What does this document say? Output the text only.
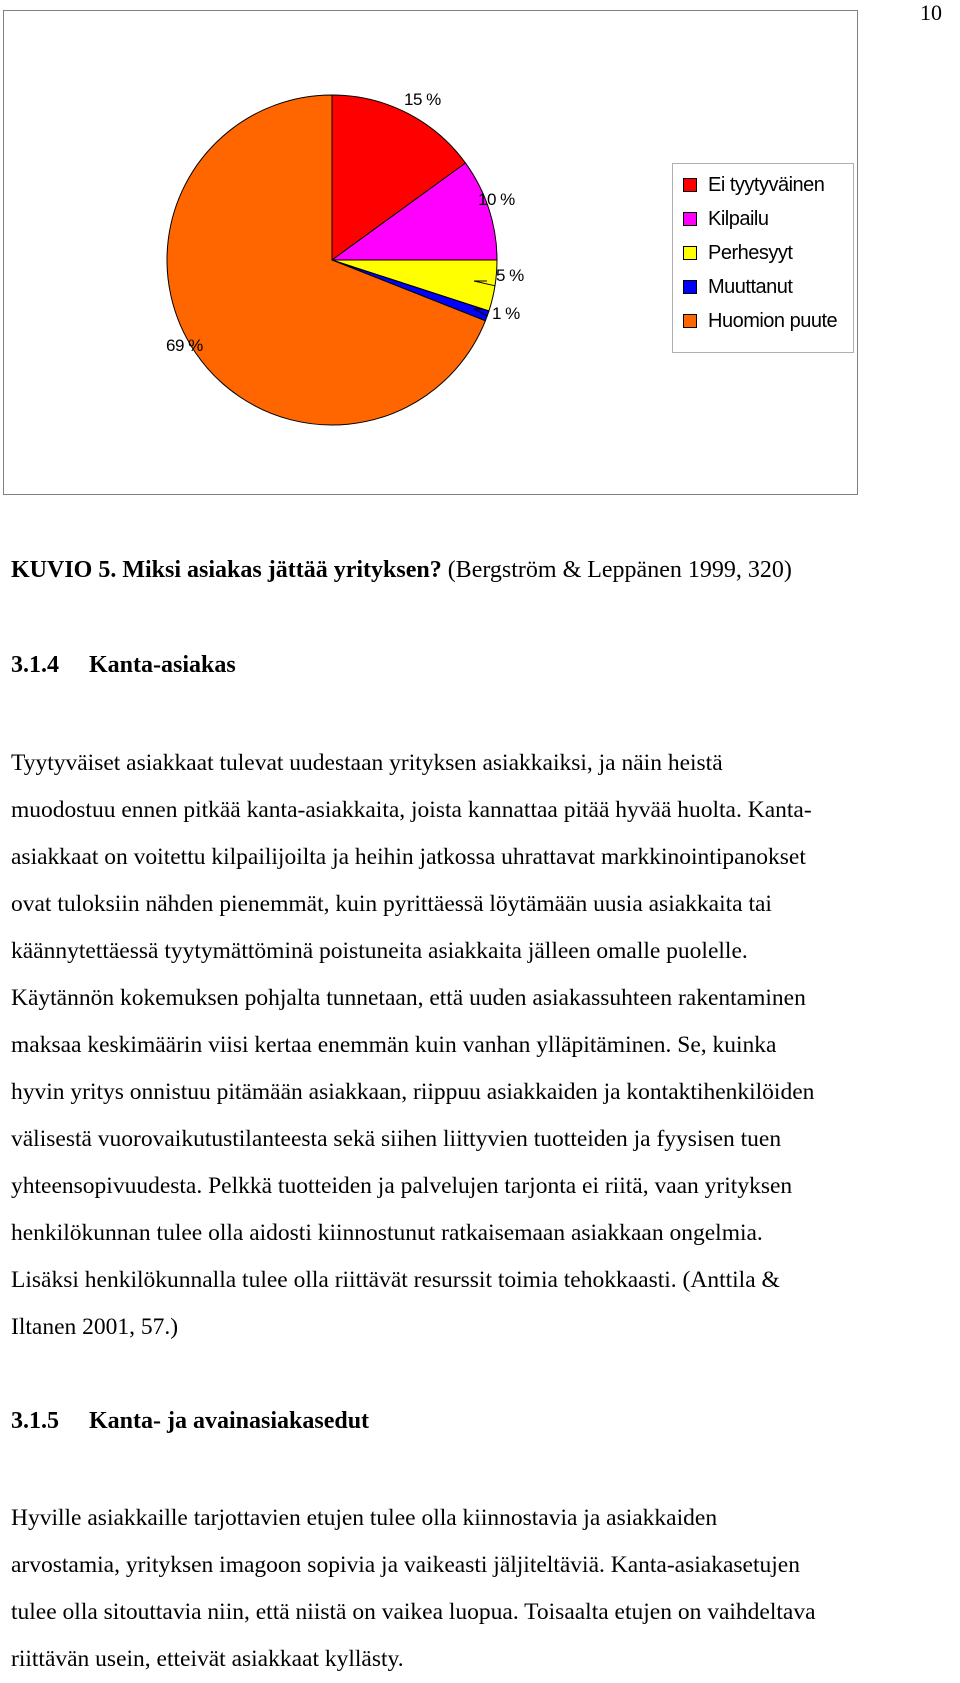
10
15 %
10 %
5 %
1 %
69 %
Ei tyytyväinen
Kilpailu
Perhesyyt
Muuttanut
Huomion puute
KUVIO 5. Miksi asiakas jättää yrityksen? (Bergström & Leppänen 1999, 320)
3.1.4 Kanta-asiakas
Tyytyväiset asiakkaat tulevat uudestaan yrityksen asiakkaiksi, ja näin heistä
muodostuu ennen pitkää kanta-asiakkaita, joista kannattaa pitää hyvää huolta. Kanta-
asiakkaat on voitettu kilpailijoilta ja heihin jatkossa uhrattavat markkinointipanokset
ovat tuloksiin nähden pienemmät, kuin pyrittäessä löytämään uusia asiakkaita tai
käännytettäessä tyytymättöminä poistuneita asiakkaita jälleen omalle puolelle.
Käytännön kokemuksen pohjalta tunnetaan, että uuden asiakassuhteen rakentaminen
maksaa keskimäärin viisi kertaa enemmän kuin vanhan ylläpitäminen. Se, kuinka
hyvin yritys onnistuu pitämään asiakkaan, riippuu asiakkaiden ja kontaktihenkilöiden
välisestä vuorovaikutustilanteesta sekä siihen liittyvien tuotteiden ja fyysisen tuen
yhteensopivuudesta. Pelkkä tuotteiden ja palvelujen tarjonta ei riitä, vaan yrityksen
henkilökunnan tulee olla aidosti kiinnostunut ratkaisemaan asiakkaan ongelmia.
Lisäksi henkilökunnalla tulee olla riittävät resurssit toimia tehokkaasti. (Anttila &
Iltanen 2001, 57.)
3.1.5 Kanta- ja avainasiakasedut
Hyville asiakkaille tarjottavien etujen tulee olla kiinnostavia ja asiakkaiden
arvostamia, yrityksen imagoon sopivia ja vaikeasti jäljiteltäviä. Kanta-asiakasetujen
tulee olla sitouttavia niin, että niistä on vaikea luopua. Toisaalta etujen on vaihdeltava
riittävän usein, etteivät asiakkaat kyllästy.
